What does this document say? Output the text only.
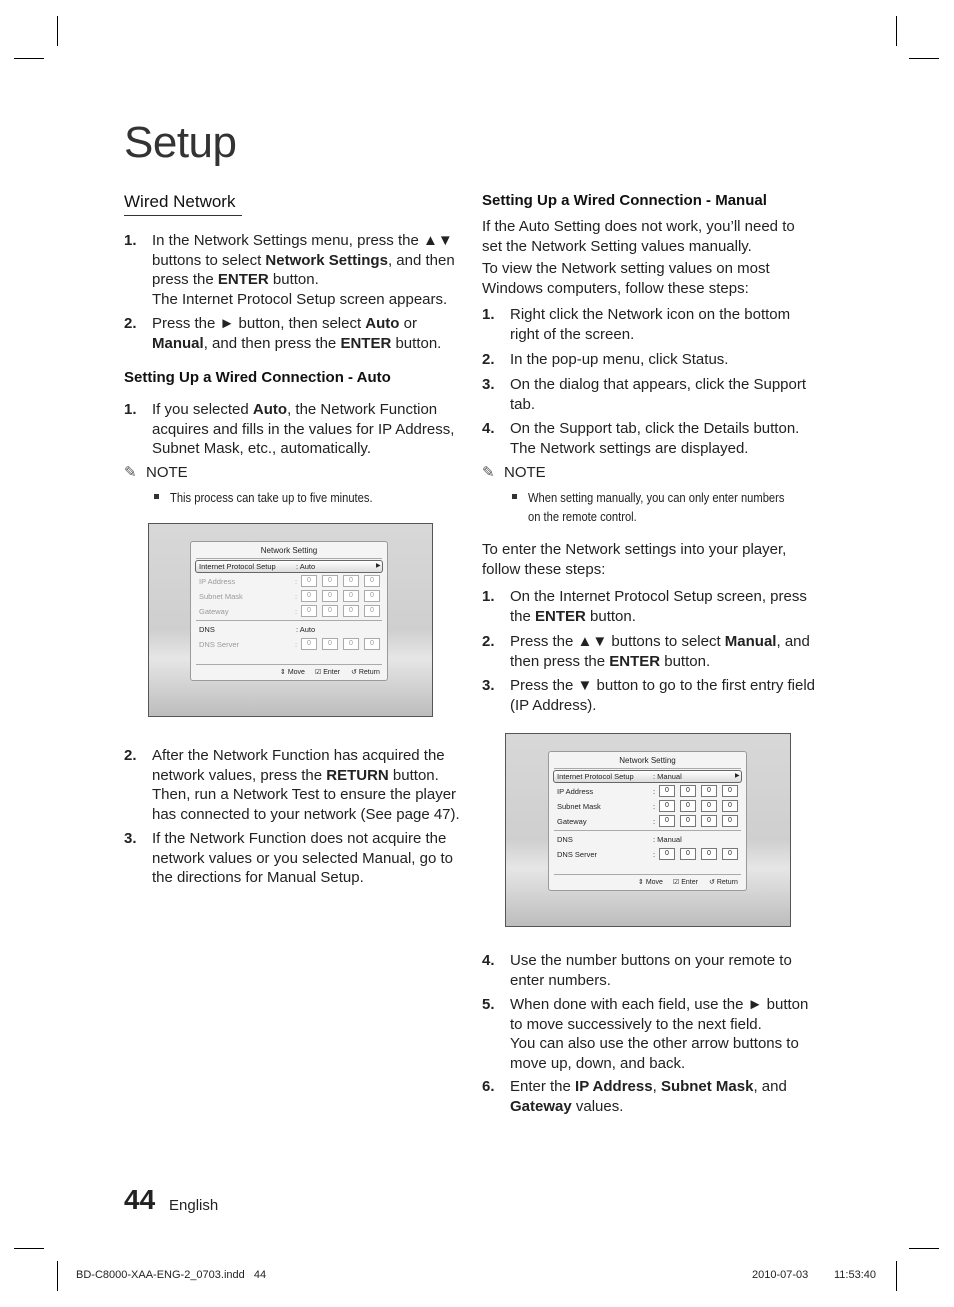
Setup
Wired Network
1. In the Network Settings menu, press the ▲▼
buttons to select Network Settings, and then
press the ENTER button.
The Internet Protocol Setup screen appears.
2. Press the ► button, then select Auto or
Manual, and then press the ENTER button.
Setting Up a Wired Connection - Auto
1. If you selected Auto, the Network Function
acquires and fills in the values for IP Address,
Subnet Mask, etc., automatically.
✎ NOTE
This process can take up to five minutes.
Network Setting
Internet Protocol Setup	: Auto	▶
IP Address	:	0	0	0	0
Subnet Mask	:	0	0	0	0
Gateway	:	0	0	0	0
DNS	: Auto
DNS Server	:	0	0	0	0
⇕ Move ☑ Enter ↺ Return
2. After the Network Function has acquired the
network values, press the RETURN button.
Then, run a Network Test to ensure the player
has connected to your network (See page 47).
3. If the Network Function does not acquire the
network values or you selected Manual, go to
the directions for Manual Setup.
Setting Up a Wired Connection - Manual
If the Auto Setting does not work, you’ll need to
set the Network Setting values manually.
To view the Network setting values on most
Windows computers, follow these steps:
1. Right click the Network icon on the bottom
right of the screen.
2. In the pop-up menu, click Status.
3. On the dialog that appears, click the Support
tab.
4. On the Support tab, click the Details button.
The Network settings are displayed.
✎ NOTE
When setting manually, you can only enter numbers
on the remote control.
To enter the Network settings into your player,
follow these steps:
1. On the Internet Protocol Setup screen, press
the ENTER button.
2. Press the ▲▼ buttons to select Manual, and
then press the ENTER button.
3. Press the ▼ button to go to the first entry field
(IP Address).
Network Setting
Internet Protocol Setup	: Manual	▶
IP Address	:	0	0	0	0
Subnet Mask	:	0	0	0	0
Gateway	:	0	0	0	0
DNS	: Manual
DNS Server	:	0	0	0	0
⇕ Move ☑ Enter ↺ Return
4. Use the number buttons on your remote to
enter numbers.
5. When done with each field, use the ► button
to move successively to the next field.
You can also use the other arrow buttons to
move up, down, and back.
6. Enter the IP Address, Subnet Mask, and
Gateway values.
44 English
BD-C8000-XAA-ENG-2_0703.indd   44	2010-07-03 11:53:40
